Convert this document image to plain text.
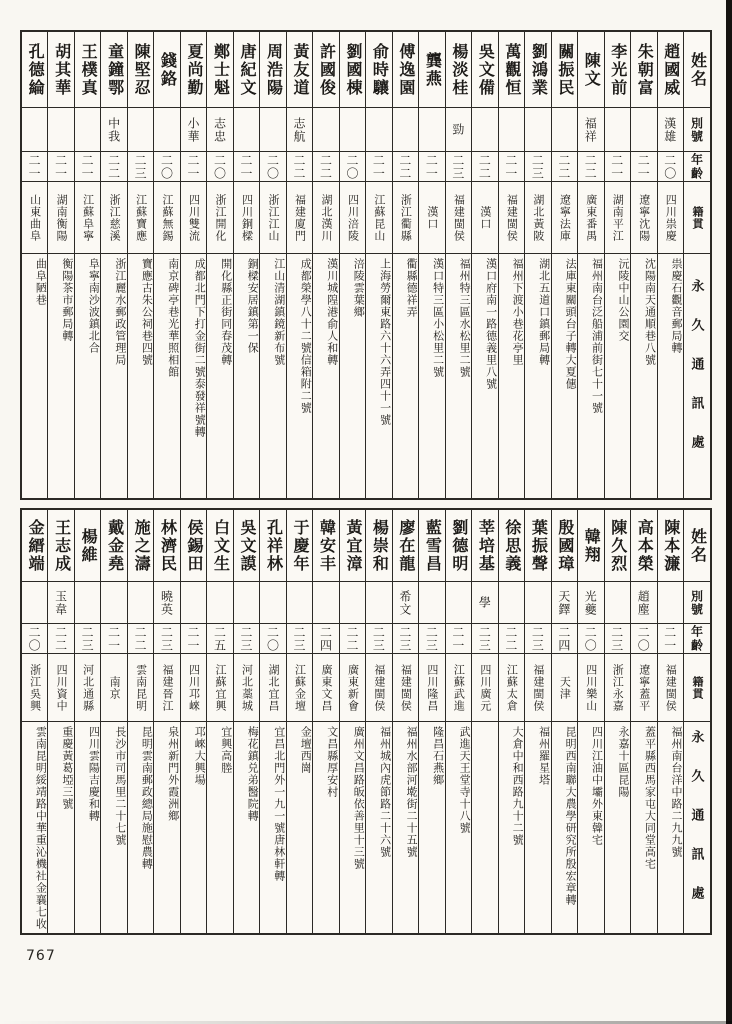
姓名
別號
年齡
籍貫
永久通訊處
趙國威
漢雄
二〇
四川祟慶
祟慶石觀音郵局轉
朱朝富
二一
遼寧沈陽
沈陽南天通順巷八號
李光前
二一
湖南平江
沅陵中山公園交
陳文
福祥
二二
廣東番禺
福州南台泛船浦前街七十一號
關振民
二二
遼寧法庫
法庫東關頭台子轉大夏僡
劉鴻業
二三
湖北黃陂
湖北五道口鎮郵局轉
萬觀恒
二一
福建閩侯
福州下渡小巷花亭里
吳文備
二二
漢口
漢口府南一路德義里八號
楊淡桂
勁
二三
福建閩侯
福州特三區水松里二號
龔燕
二一
漢口
漢口特三區小松里二號
傅逸園
二二
浙江衢縣
衢縣德祥弄
俞時驤
二一
江蘇昆山
上海勞爾東路六十六弄四十一號
劉國棟
二〇
四川涪陵
涪陵雲葉鄉
許國俊
二二
湖北漢川
漢川城隍港俞人和轉
黃友道
志航
二二
福建廈門
成都榮學八十二號信箱附二號
周浩陽
二〇
浙江江山
江山清湖鎮鏡新布號
唐紀文
二一
四川銅樑
銅樑安居鎮第一保
鄭士魁
志忠
二〇
浙江開化
開化縣正街同春茂轉
夏尚勤
小華
二一
四川雙流
成都北門下打金街二號泰發祥號轉
錢鉻
二〇
江蘇無錫
南京碑亭巷光華照相館
陳堅忍
二三
江蘇寶應
寶應古朱公祠巷四號
童鐘鄂
中我
二二
浙江慈溪
浙江麗水郵政管理局
王樸真
二一
江蘇阜寧
阜寧南沙波鎮北合
胡其華
二一
湖南衡陽
衡陽茶市郵局轉
孔德綸
二一
山東曲阜
曲阜陋巷
姓名
別號
年齡
籍貫
永久通訊處
陳本濂
二一
福建閩侯
福州南台洋中路二九九號
高本榮
趙塵
二〇
遼寧蓋平
蓋平縣西馬家屯大同堂高宅
陳久烈
二三
浙江永嘉
永嘉十區昆陽
韓翔
光夔
二〇
四川樂山
四川江油中壩外東韓宅
殷國璋
天鐸
二四
天津
昆明西南聯大農學研究所殷宏章轉
葉振聲
二三
福建閩侯
福州羅星塔
徐思義
二二
江蘇太倉
大倉中和西路九十二號
莘培基
學
二三
四川廣元
劉德明
二一
江蘇武進
武進天王堂寺十八號
藍雪昌
二三
四川隆昌
隆昌石燕鄉
廖在龍
希文
二三
福建閩侯
福州水部河墘街二十五號
楊崇和
二三
福建閩侯
福州城內虎節路二十六號
黃宜漳
二二
廣東新會
廣州文昌路皈依善里十三號
韓安丰
二四
廣東文昌
文昌縣厚安村
于慶年
二三
江蘇金壇
金壇西崗
孔祥林
二〇
湖北宜昌
宜昌北門外一九一號唐林軒轉
吳文謨
二三
河北藁城
梅花鎮兑弟醫院轉
白文生
二五
江蘇宜興
宜興高塍
侯錫田
二一
四川邛崍
邛崍大興場
林濟民
曉英
二三
福建晉江
泉州新門外霞洲鄉
施之濤
二二
雲南昆明
昆明雲南郵政總局施慰農轉
戴金堯
二一
南京
長沙市司馬里二十七號
楊維
二三
河北通縣
四川雲陽吉慶和轉
王志成
玉韋
二二
四川資中
重慶黃葛埡三號
金縉端
二〇
浙江吳興
雲南昆明綏靖路中華重沁機社金襄七收
767
